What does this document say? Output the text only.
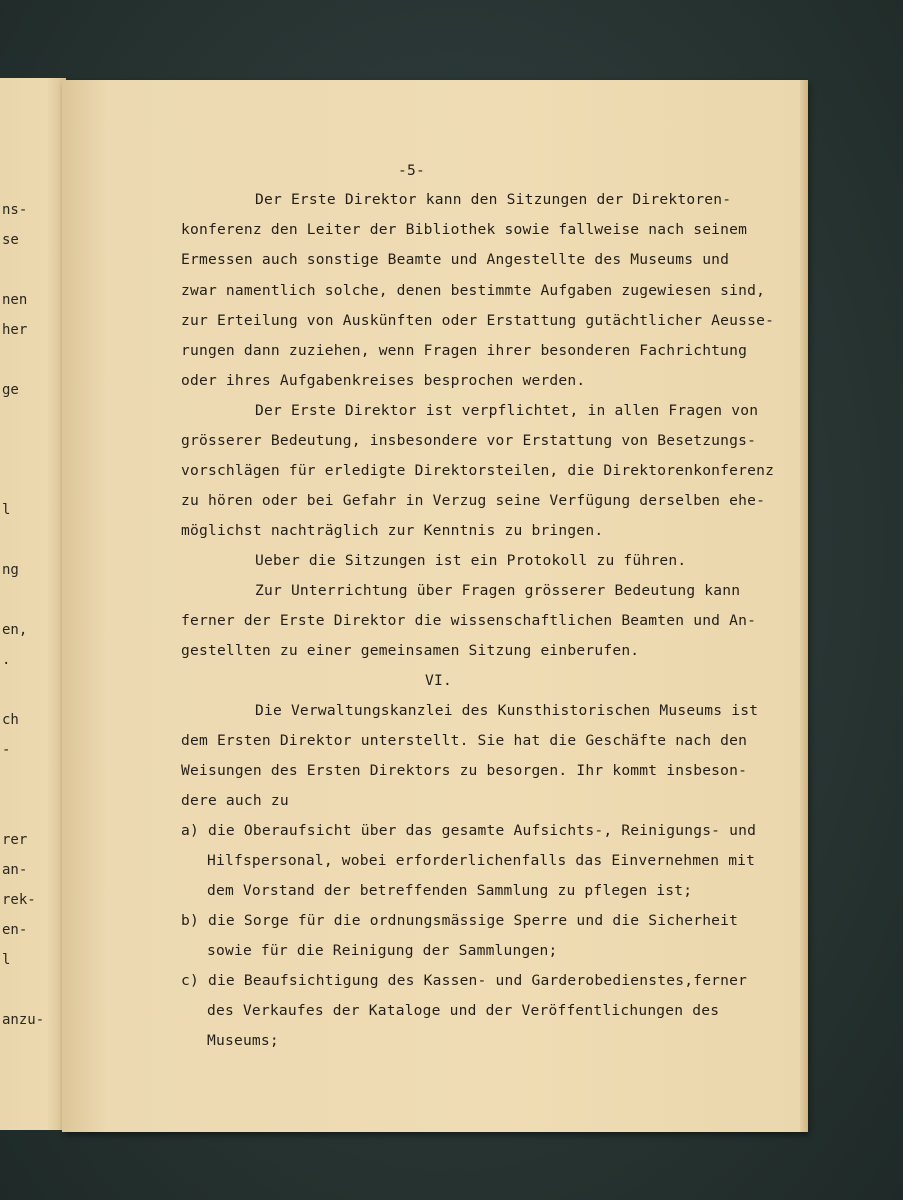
ns-
se
nen
her
ge
l
ng
en,
.
ch
-
rer
an-
rek-
en-
l
anzu-
-5-
Der Erste Direktor kann den Sitzungen der Direktoren-
konferenz den Leiter der Bibliothek sowie fallweise nach seinem
Ermessen auch sonstige Beamte und Angestellte des Museums und
zwar namentlich solche, denen bestimmte Aufgaben zugewiesen sind,
zur Erteilung von Auskünften oder Erstattung gutächtlicher Aeusse-
rungen dann zuziehen, wenn Fragen ihrer besonderen Fachrichtung
oder ihres Aufgabenkreises besprochen werden.
Der Erste Direktor ist verpflichtet, in allen Fragen von
grösserer Bedeutung, insbesondere vor Erstattung von Besetzungs-
vorschlägen für erledigte Direktorsteilen, die Direktorenkonferenz
zu hören oder bei Gefahr in Verzug seine Verfügung derselben ehe-
möglichst nachträglich zur Kenntnis zu bringen.
Ueber die Sitzungen ist ein Protokoll zu führen.
Zur Unterrichtung über Fragen grösserer Bedeutung kann
ferner der Erste Direktor die wissenschaftlichen Beamten und An-
gestellten zu einer gemeinsamen Sitzung einberufen.
VI.
Die Verwaltungskanzlei des Kunsthistorischen Museums ist
dem Ersten Direktor unterstellt. Sie hat die Geschäfte nach den
Weisungen des Ersten Direktors zu besorgen. Ihr kommt insbeson-
dere auch zu
a) die Oberaufsicht über das gesamte Aufsichts-, Reinigungs- und
Hilfspersonal, wobei erforderlichenfalls das Einvernehmen mit
dem Vorstand der betreffenden Sammlung zu pflegen ist;
b) die Sorge für die ordnungsmässige Sperre und die Sicherheit
sowie für die Reinigung der Sammlungen;
c) die Beaufsichtigung des Kassen- und Garderobedienstes,ferner
des Verkaufes der Kataloge und der Veröffentlichungen des
Museums;
